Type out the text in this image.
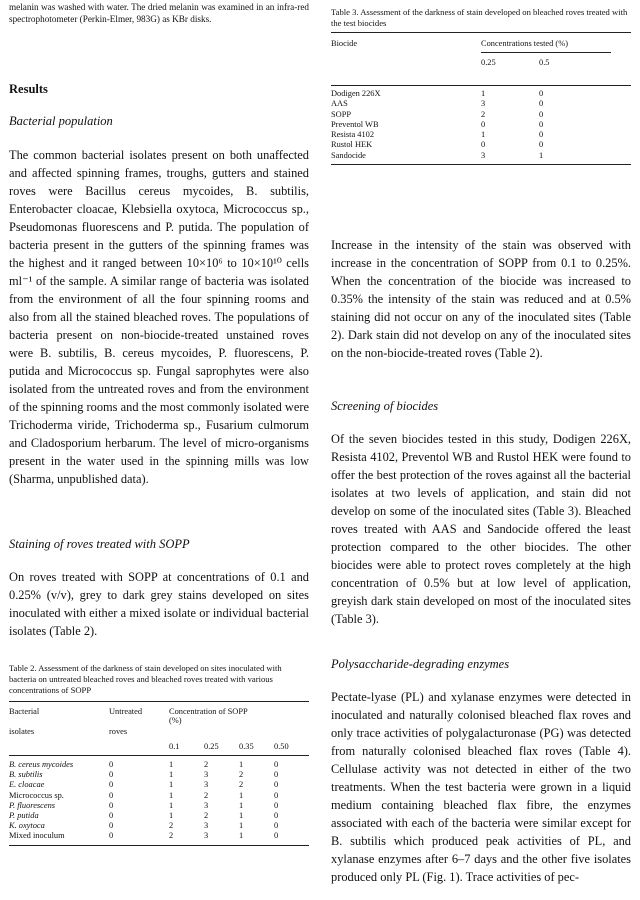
melanin was washed with water. The dried melanin was examined in an infra-red spectrophotometer (Perkin-Elmer, 983G) as KBr disks.

Results

Bacterial population

The common bacterial isolates present on both unaffected and affected spinning frames, troughs, gutters and stained roves were Bacillus cereus mycoides, B. subtilis, Enterobacter cloacae, Klebsiella oxytoca, Micrococcus sp., Pseudomonas fluorescens and P. putida. The population of bacteria present in the gutters of the spinning frames was the highest and it ranged between 10×10⁶ to 10×10¹⁰ cells ml⁻¹ of the sample. A similar range of bacteria was isolated from the environment of all the four spinning rooms and also from all the stained bleached roves. The populations of bacteria present on non-biocide-treated unstained roves were B. subtilis, B. cereus mycoides, P. fluorescens, P. putida and Micrococcus sp. Fungal saprophytes were also isolated from the untreated roves and from the environment of the spinning rooms and the most commonly isolated were Trichoderma viride, Trichoderma sp., Fusarium culmorum and Cladosporium herbarum. The level of micro-organisms present in the water used in the spinning mills was low (Sharma, unpublished data).

Staining of roves treated with SOPP

On roves treated with SOPP at concentrations of 0.1 and 0.25% (v/v), grey to dark grey stains developed on sites inoculated with either a mixed isolate or individual bacterial isolates (Table 2).

Table 2. Assessment of the darkness of stain developed on sites inoculated with bacteria on untreated bleached roves and bleached roves treated with various concentrations of SOPP

Bacterial	Untreated	Concentration of SOPP			
		(%)			
isolates	roves				
		0.1	0.25	0.35	0.50
B. cereus mycoides	0	1	2	1	0
B. subtilis	0	1	3	2	0
E. cloacae	0	1	3	2	0
Micrococcus sp.	0	1	2	1	0
P. fluorescens	0	1	3	1	0
P. putida	0	1	2	1	0
K. oxytoca	0	2	3	1	0
Mixed inoculum	0	2	3	1	0

Table 3. Assessment of the darkness of stain developed on bleached roves treated with the test biocides

Biocide	Concentrations tested (%)
	0.25	0.5
Dodigen 226X	1	0
AAS	3	0
SOPP	2	0
Preventol WB	0	0
Resista 4102	1	0
Rustol HEK	0	0
Sandocide	3	1

Increase in the intensity of the stain was observed with increase in the concentration of SOPP from 0.1 to 0.25%. When the concentration of the biocide was increased to 0.35% the intensity of the stain was reduced and at 0.5% staining did not occur on any of the inoculated sites (Table 2). Dark stain did not develop on any of the inoculated sites on the non-biocide-treated roves (Table 2).

Screening of biocides

Of the seven biocides tested in this study, Dodigen 226X, Resista 4102, Preventol WB and Rustol HEK were found to offer the best protection of the roves against all the bacterial isolates at two levels of application, and stain did not develop on some of the inoculated sites (Table 3). Bleached roves treated with AAS and Sandocide offered the least protection compared to the other biocides. The other biocides were able to protect roves completely at the high concentration of 0.5% but at low level of application, greyish dark stain developed on most of the inoculated sites (Table 3).

Polysaccharide-degrading enzymes

Pectate-lyase (PL) and xylanase enzymes were detected in inoculated and naturally colonised bleached flax roves and only trace activities of polygalacturonase (PG) was detected from naturally colonised bleached flax roves (Table 4). Cellulase activity was not detected in either of the two treatments. When the test bacteria were grown in a liquid medium containing bleached flax fibre, the enzymes associated with each of the bacteria were similar except for B. subtilis which produced peak activities of PL, and xylanase enzymes after 6–7 days and the other five isolates produced only PL (Fig. 1). Trace activities of pec-
